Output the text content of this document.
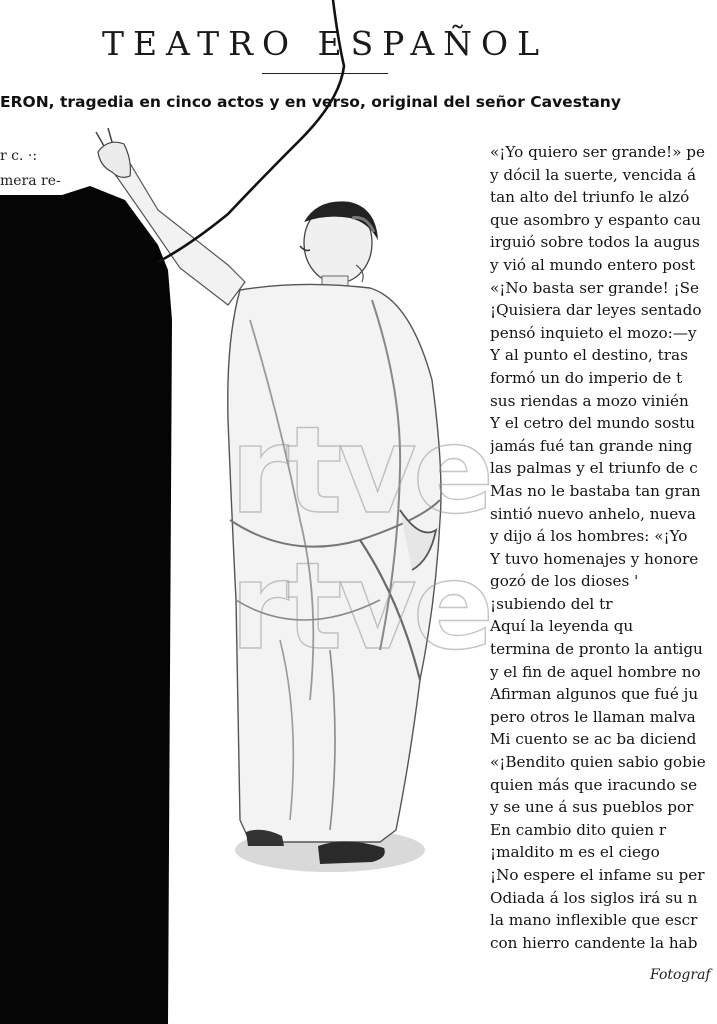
TEATRO ESPAÑOL
ERON, tragedia en cinco actos y en verso, original del señor Cavestany
r c. ·:
mera re-
rtve
rtve
«¡Yo quiero ser grande!» pe
y dócil la suerte, vencida á
tan alto del triunfo le alzó
que asombro y espanto cau
irguió sobre todos la augus
y vió al mundo entero post
«¡No basta ser grande! ¡Se
¡Quisiera dar leyes sentado
pensó inquieto el mozo:—y
Y al punto el destino, tras
formó un do imperio de t
sus riendas a mozo vinién
Y el cetro del mundo sostu
jamás fué tan grande ning
las palmas y el triunfo de c
Mas no le bastaba tan gran
sintió nuevo anhelo, nueva
y dijo á los hombres: «¡Yo
Y tuvo homenajes y honore
gozó de los dioses '
¡subiendo del tr
Aquí la leyenda qu
termina de pronto la antigu
y el fin de aquel hombre no
Afirman algunos que fué ju
pero otros le llaman malva
Mi cuento se ac ba diciend
«¡Bendito quien sabio gobie
quien más que iracundo se
y se une á sus pueblos por
En cambio dito quien r
¡maldito m es el ciego
¡No espere el infame su per
Odiada á los siglos irá su n
la mano inflexible que escr
con hierro candente la hab
Fotograf
